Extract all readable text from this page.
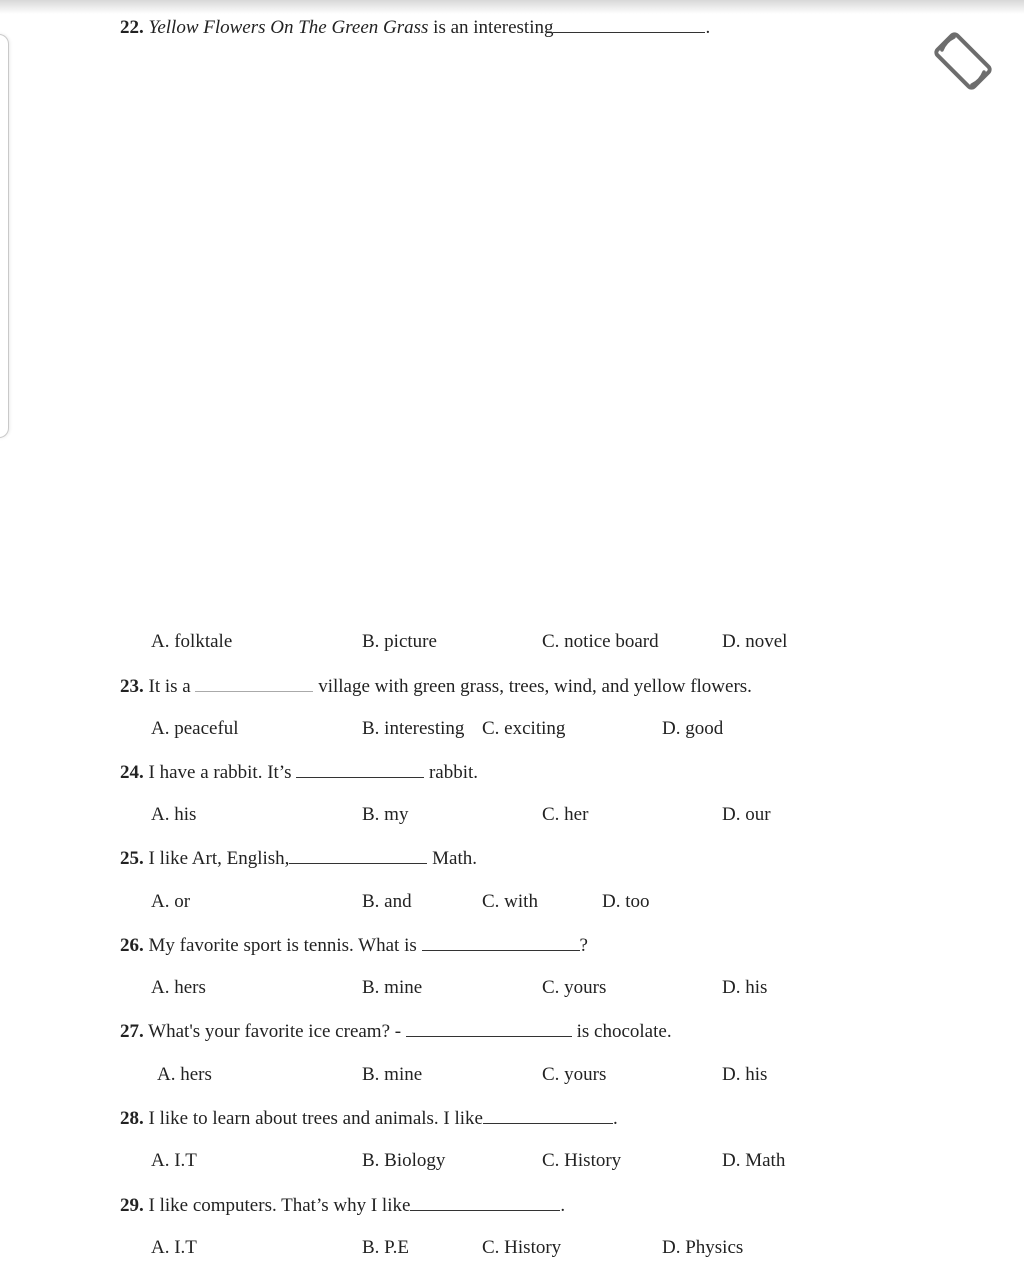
22. Yellow Flowers On The Green Grass is an interesting	.
A. folktale	B. picture	C. notice board	D. novel
23. It is a	village with green grass, trees, wind, and yellow flowers.
A. peaceful	B. interesting C. exciting	D. good
24. I have a rabbit. It’s	rabbit.
A. his	B. my	C. her	D. our
25. I like Art, English,	Math.
A. or	B. and	C. with	D. too
26. My favorite sport is tennis. What is	?
A. hers	B. mine	C. yours	D. his
27. What's your favorite ice cream? -	is chocolate.
A. hers	B. mine	C. yours	D. his
28. I like to learn about trees and animals. I like	.
A. I.T	B. Biology	C. History	D. Math
29. I like computers. That’s why I like	.
A. I.T	B. P.E	C. History	D. Physics
